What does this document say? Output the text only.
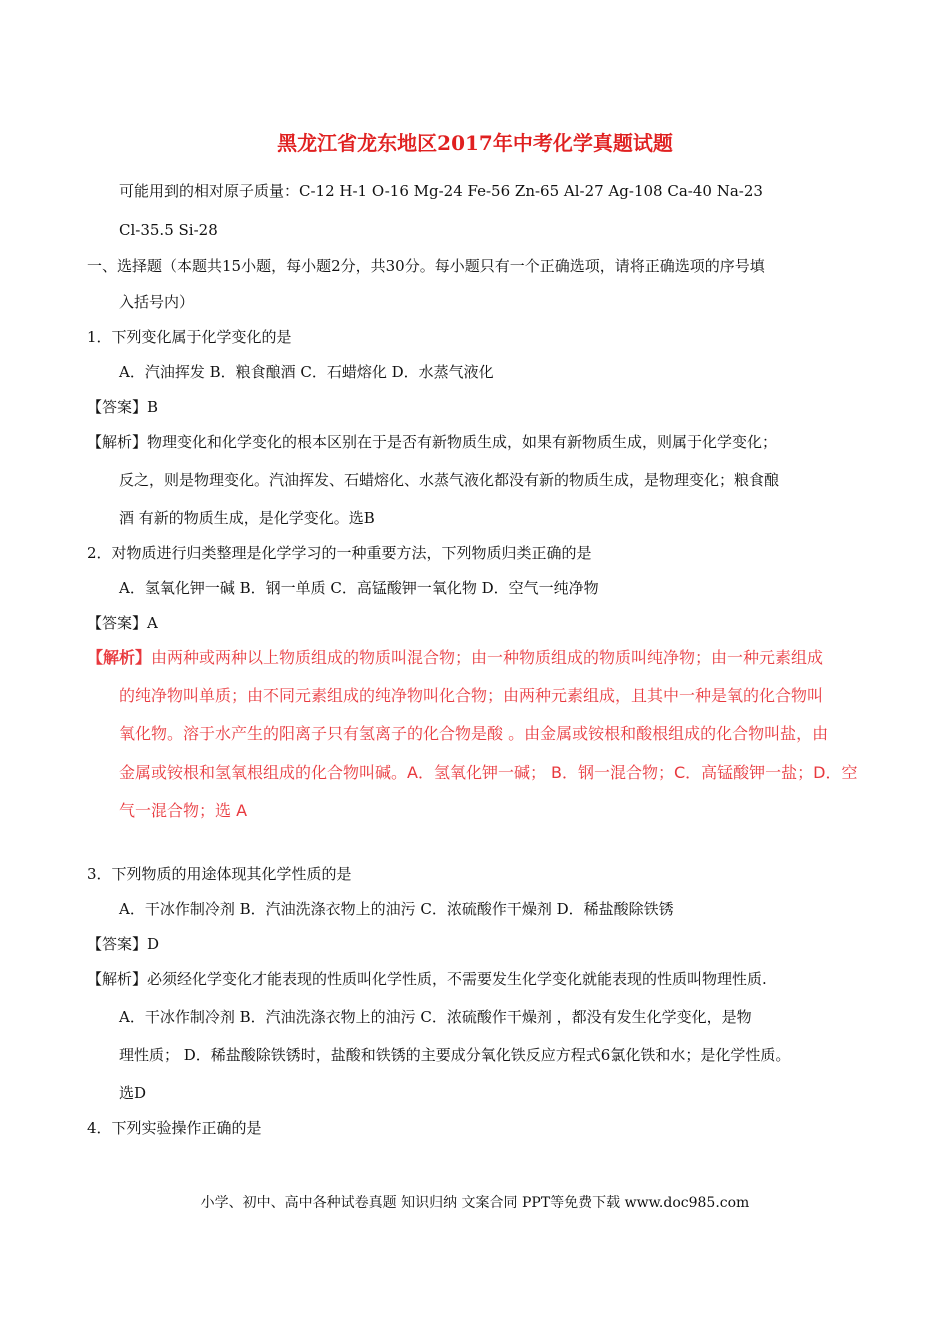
黑龙江省龙东地区2017年中考化学真题试题
可能用到的相对原子质量：C-12 H-1 O-16 Mg-24 Fe-56 Zn-65 Al-27 Ag-108 Ca-40 Na-23
Cl-35.5 Si-28
一、选择题（本题共15小题，每小题2分，共30分。每小题只有一个正确选项，请将正确选项的序号填
入括号内）
1．下列变化属于化学变化的是
A．汽油挥发 B．粮食酿酒 C．石蜡熔化 D．水蒸气液化
【答案】B
【解析】物理变化和化学变化的根本区别在于是否有新物质生成，如果有新物质生成，则属于化学变化；
反之，则是物理变化。汽油挥发、石蜡熔化、水蒸气液化都没有新的物质生成，是物理变化；粮食酿
酒 有新的物质生成，是化学变化。选B
2．对物质进行归类整理是化学学习的一种重要方法，下列物质归类正确的是
A．氢氧化钾一碱 B．钢一单质 C．高锰酸钾一氧化物 D．空气一纯净物
【答案】A
【解析】由两种或两种以上物质组成的物质叫混合物；由一种物质组成的物质叫纯净物；由一种元素组成
的纯净物叫单质；由不同元素组成的纯净物叫化合物；由两种元素组成，且其中一种是氧的化合物叫
氧化物。溶于水产生的阳离子只有氢离子的化合物是酸 。由金属或铵根和酸根组成的化合物叫盐，由
金属或铵根和氢氧根组成的化合物叫碱。A．氢氧化钾一碱； B．钢一混合物；C．高锰酸钾一盐；D．空
气一混合物；选 A
3．下列物质的用途体现其化学性质的是
A．干冰作制冷剂 B．汽油洗涤衣物上的油污 C．浓硫酸作干燥剂 D．稀盐酸除铁锈
【答案】D
【解析】必须经化学变化才能表现的性质叫化学性质，不需要发生化学变化就能表现的性质叫物理性质.
A．干冰作制冷剂 B．汽油洗涤衣物上的油污 C．浓硫酸作干燥剂 ，都没有发生化学变化，是物
理性质； D．稀盐酸除铁锈时，盐酸和铁锈的主要成分氧化铁反应方程式6氯化铁和水；是化学性质。
选D
4．下列实验操作正确的是
小学、初中、高中各种试卷真题 知识归纳 文案合同 PPT等免费下载 www.doc985.com
